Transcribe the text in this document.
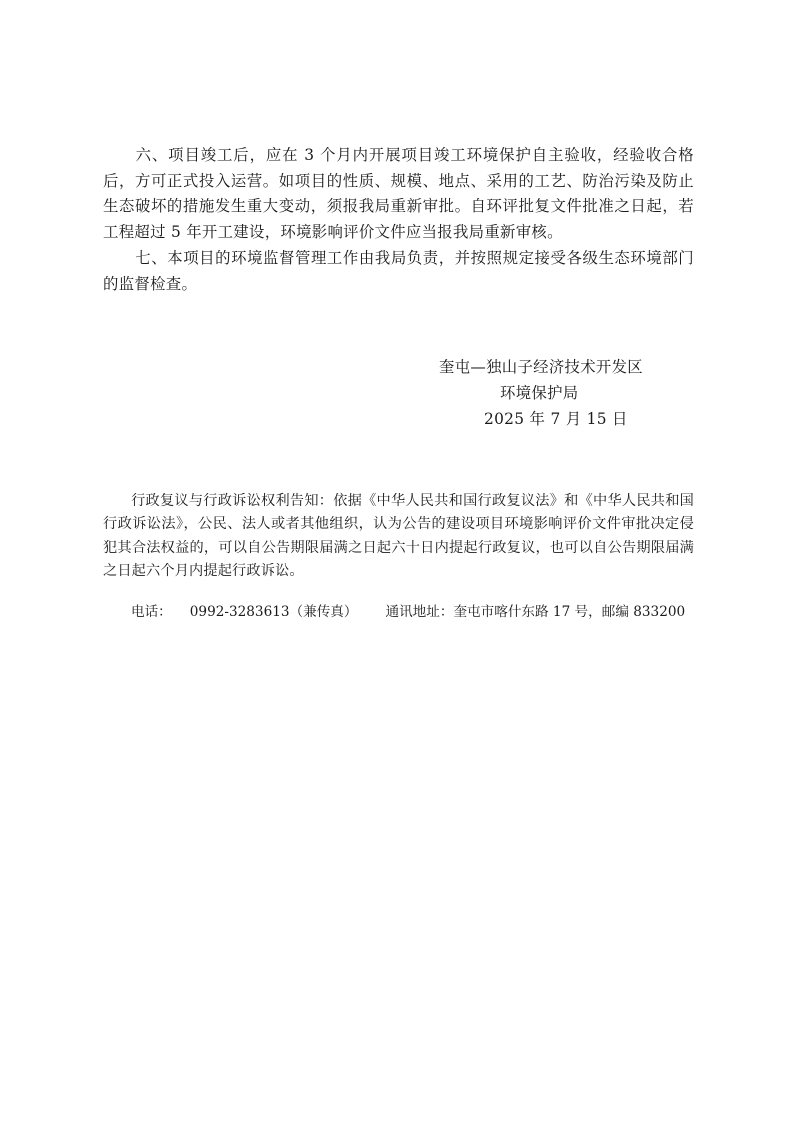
六、项目竣工后，应在 3 个月内开展项目竣工环境保护自主验收，经验收合格后，方可正式投入运营。如项目的性质、规模、地点、采用的工艺、防治污染及防止生态破坏的措施发生重大变动，须报我局重新审批。自环评批复文件批准之日起，若工程超过 5 年开工建设，环境影响评价文件应当报我局重新审核。

七、本项目的环境监督管理工作由我局负责，并按照规定接受各级生态环境部门的监督检查。

奎屯—独山子经济技术开发区
环境保护局
2025 年 7 月 15 日

行政复议与行政诉讼权利告知：依据《中华人民共和国行政复议法》和《中华人民共和国行政诉讼法》，公民、法人或者其他组织，认为公告的建设项目环境影响评价文件审批决定侵犯其合法权益的，可以自公告期限届满之日起六十日内提起行政复议，也可以自公告期限届满之日起六个月内提起行政诉讼。

电话： 0992-3283613（兼传真） 通讯地址：奎屯市喀什东路 17 号，邮编 833200
